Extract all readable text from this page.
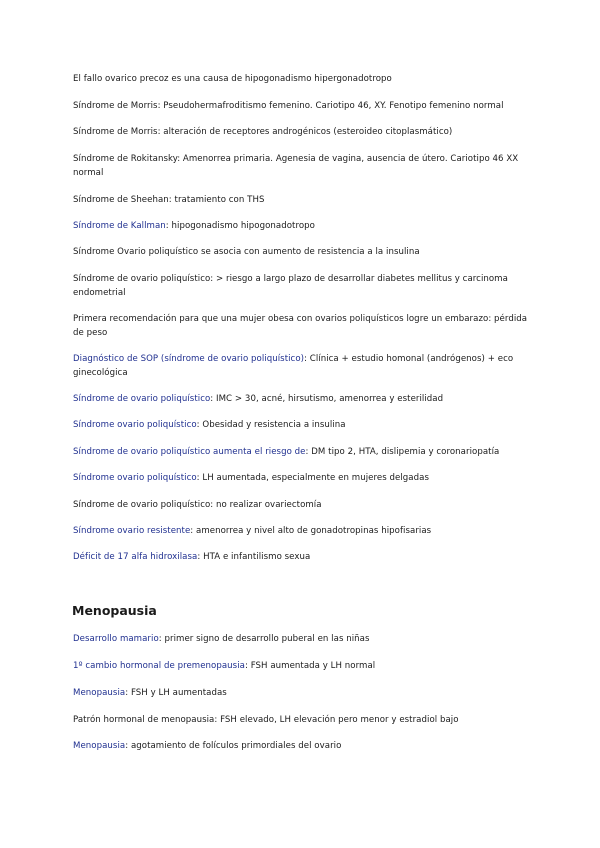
El fallo ovarico precoz es una causa de hipogonadismo hipergonadotropo
Síndrome de Morris: Pseudohermafroditismo femenino. Cariotipo 46, XY. Fenotipo femenino normal
Síndrome de Morris: alteración de receptores androgénicos (esteroideo citoplasmático)
Síndrome de Rokitansky: Amenorrea primaria. Agenesia de vagina, ausencia de útero. Cariotipo 46 XX normal
Síndrome de Sheehan: tratamiento con THS
Síndrome de Kallman: hipogonadismo hipogonadotropo
Síndrome Ovario poliquístico se asocia con aumento de resistencia a la insulina
Síndrome de ovario poliquístico: > riesgo a largo plazo de desarrollar diabetes mellitus y carcinoma endometrial
Primera recomendación para que una mujer obesa con ovarios poliquísticos logre un embarazo: pérdida de peso
Diagnóstico de SOP (síndrome de ovario poliquístico): Clínica + estudio homonal (andrógenos) + eco ginecológica
Síndrome de ovario poliquístico: IMC > 30, acné, hirsutismo, amenorrea y esterilidad
Síndrome ovario poliquístico: Obesidad y resistencia a insulina
Síndrome de ovario poliquístico aumenta el riesgo de: DM tipo 2, HTA, dislipemia y coronariopatía
Síndrome ovario poliquístico: LH aumentada, especialmente en mujeres delgadas
Síndrome de ovario poliquístico: no realizar ovariectomía
Síndrome ovario resistente: amenorrea y nivel alto de gonadotropinas hipofisarias
Déficit de 17 alfa hidroxilasa: HTA e infantilismo sexua
Menopausia
Desarrollo mamario: primer signo de desarrollo puberal en las niñas
1º cambio hormonal de premenopausia: FSH aumentada y LH normal
Menopausia: FSH y LH aumentadas
Patrón hormonal de menopausia: FSH elevado, LH elevación pero menor y estradiol bajo
Menopausia: agotamiento de folículos primordiales del ovario
